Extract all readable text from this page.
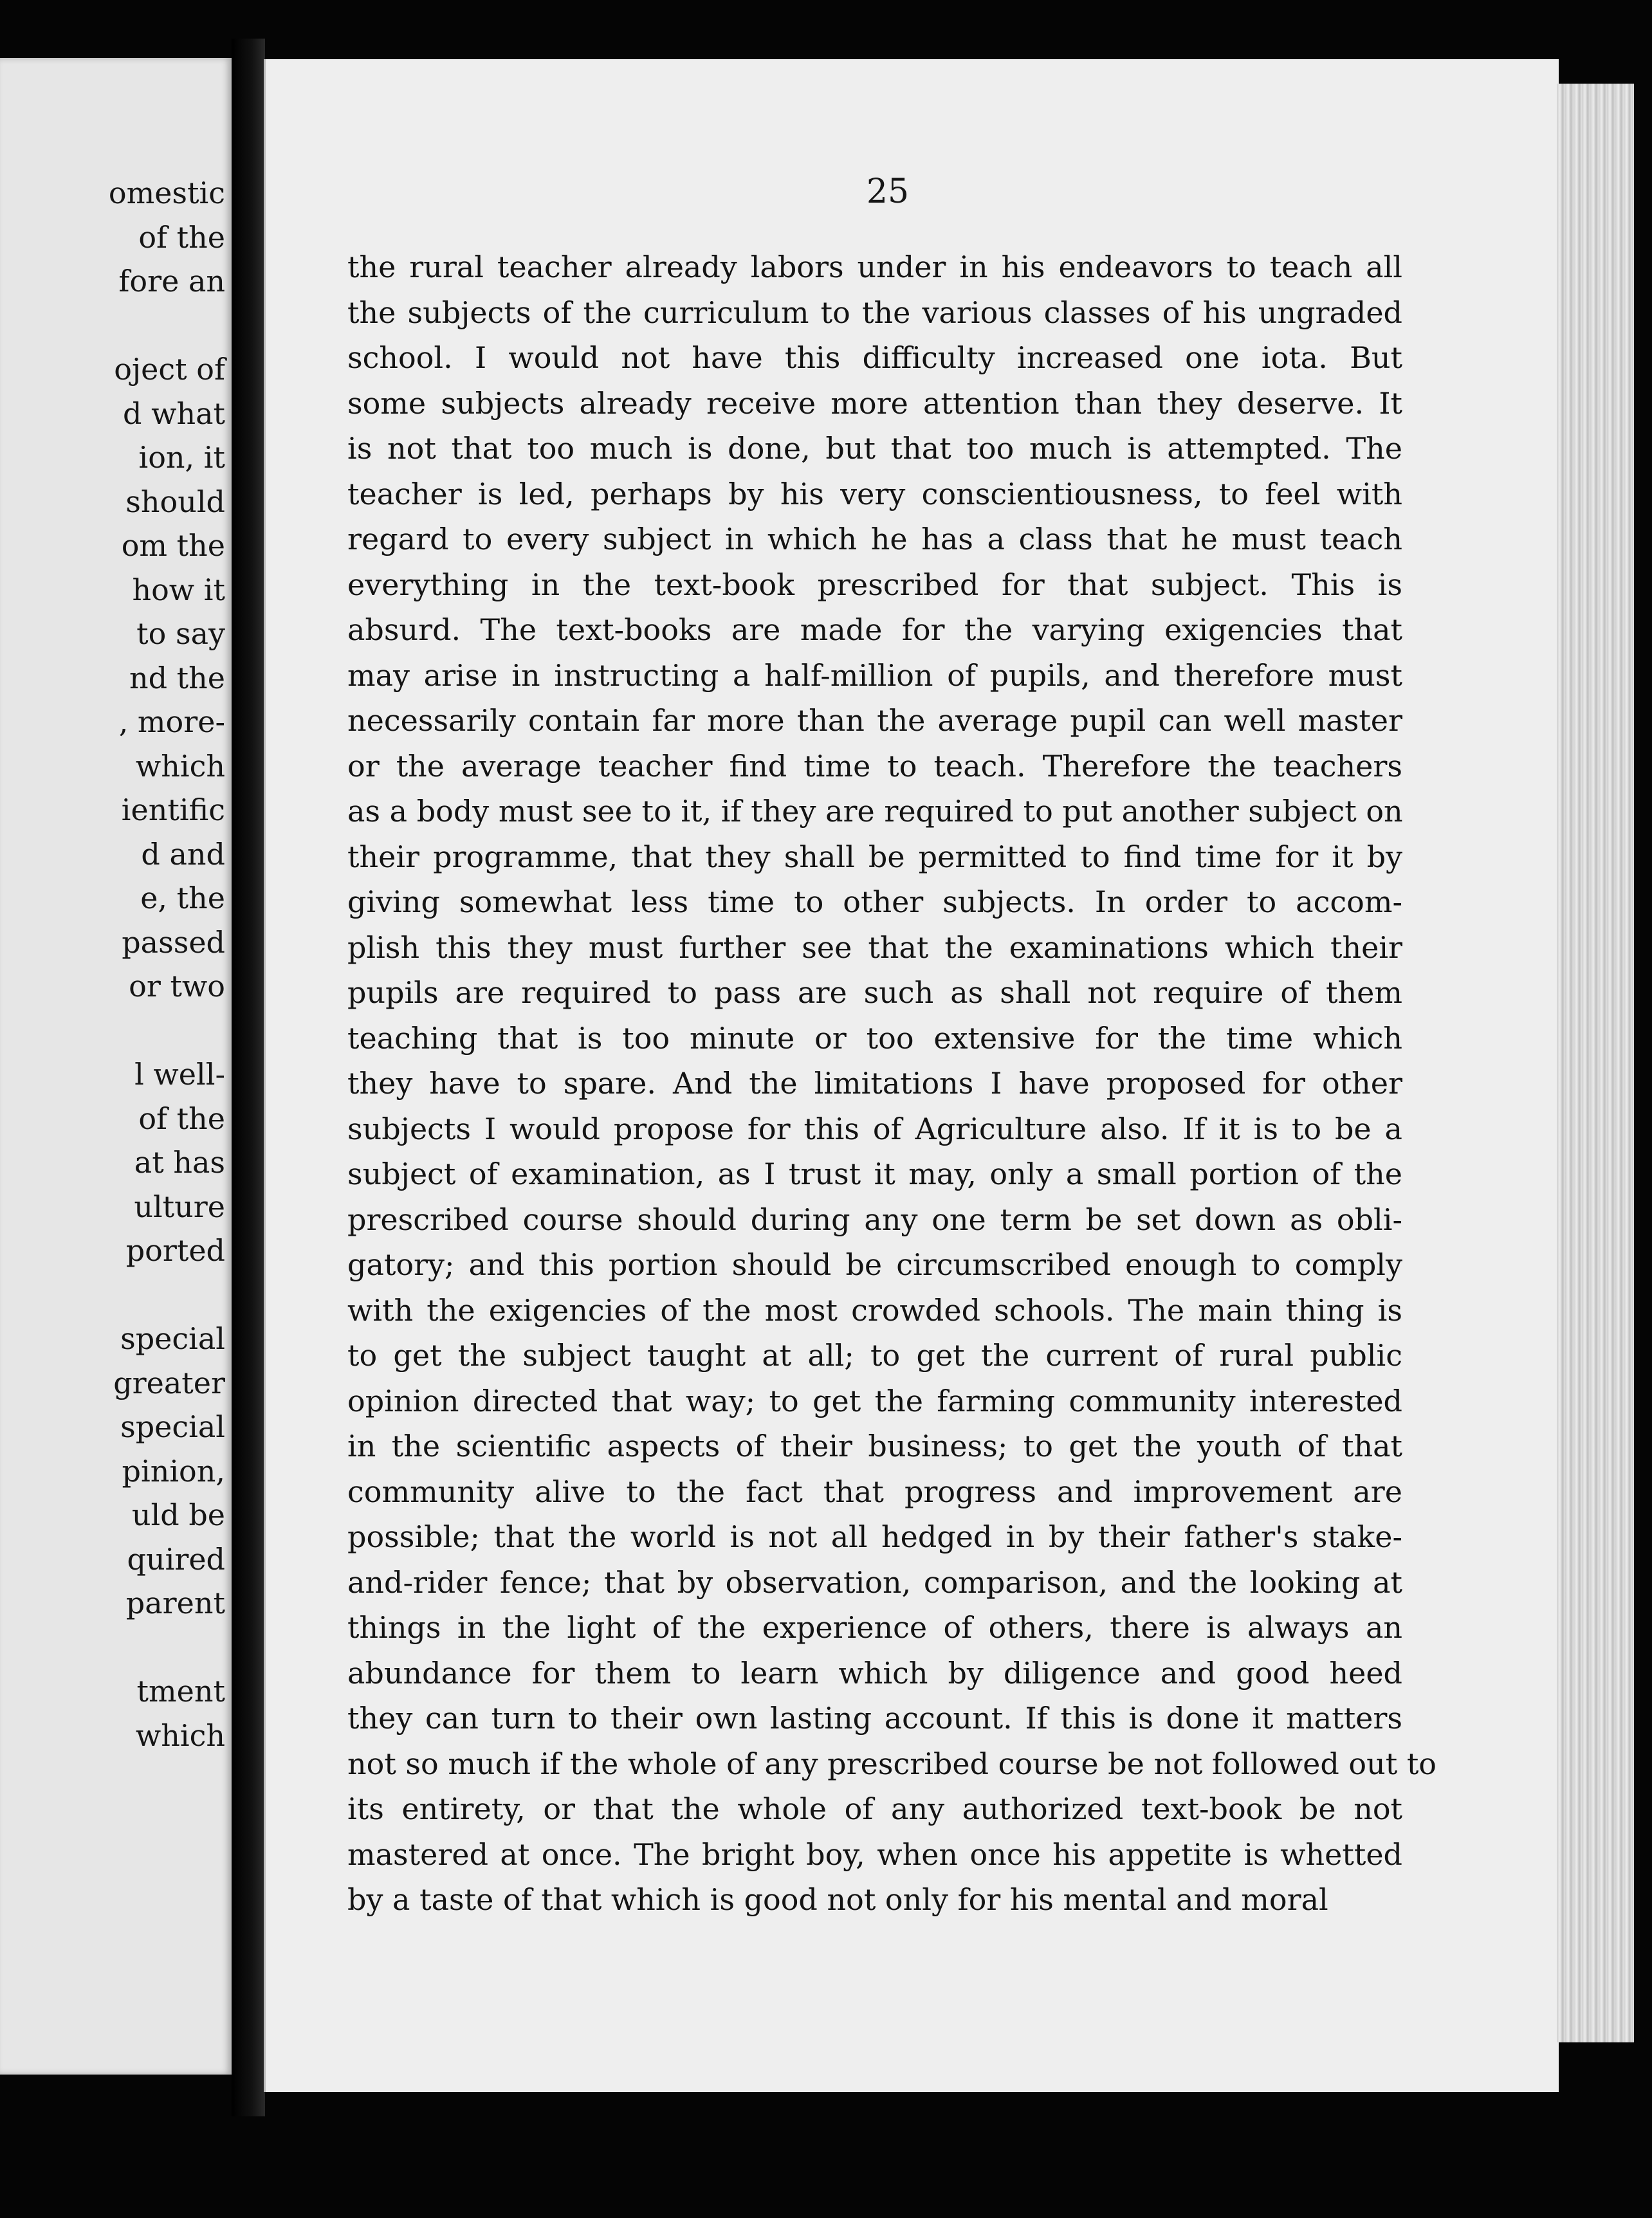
omestic
of the
fore an
oject of
d what
ion, it
should
om the
how it
to say
nd the
, more-
which
ientific
d and
e, the
passed
or two
l well-
of the
at has
ulture
ported
special
greater
special
pinion,
uld be
quired
parent
tment
which
25
the rural teacher already labors under in his endeavors to teach all
the subjects of the curriculum to the various classes of his ungraded
school. I would not have this difficulty increased one iota. But
some subjects already receive more attention than they deserve. It
is not that too much is done, but that too much is attempted. The
teacher is led, perhaps by his very conscientiousness, to feel with
regard to every subject in which he has a class that he must teach
everything in the text-book prescribed for that subject. This is
absurd. The text-books are made for the varying exigencies that
may arise in instructing a half-million of pupils, and therefore must
necessarily contain far more than the average pupil can well master
or the average teacher find time to teach. Therefore the teachers
as a body must see to it, if they are required to put another subject on
their programme, that they shall be permitted to find time for it by
giving somewhat less time to other subjects. In order to accom-
plish this they must further see that the examinations which their
pupils are required to pass are such as shall not require of them
teaching that is too minute or too extensive for the time which
they have to spare. And the limitations I have proposed for other
subjects I would propose for this of Agriculture also. If it is to be a
subject of examination, as I trust it may, only a small portion of the
prescribed course should during any one term be set down as obli-
gatory; and this portion should be circumscribed enough to comply
with the exigencies of the most crowded schools. The main thing is
to get the subject taught at all; to get the current of rural public
opinion directed that way; to get the farming community interested
in the scientific aspects of their business; to get the youth of that
community alive to the fact that progress and improvement are
possible; that the world is not all hedged in by their father's stake-
and-rider fence; that by observation, comparison, and the looking at
things in the light of the experience of others, there is always an
abundance for them to learn which by diligence and good heed
they can turn to their own lasting account. If this is done it matters
not so much if the whole of any prescribed course be not followed out to
its entirety, or that the whole of any authorized text-book be not
mastered at once. The bright boy, when once his appetite is whetted
by a taste of that which is good not only for his mental and moral
